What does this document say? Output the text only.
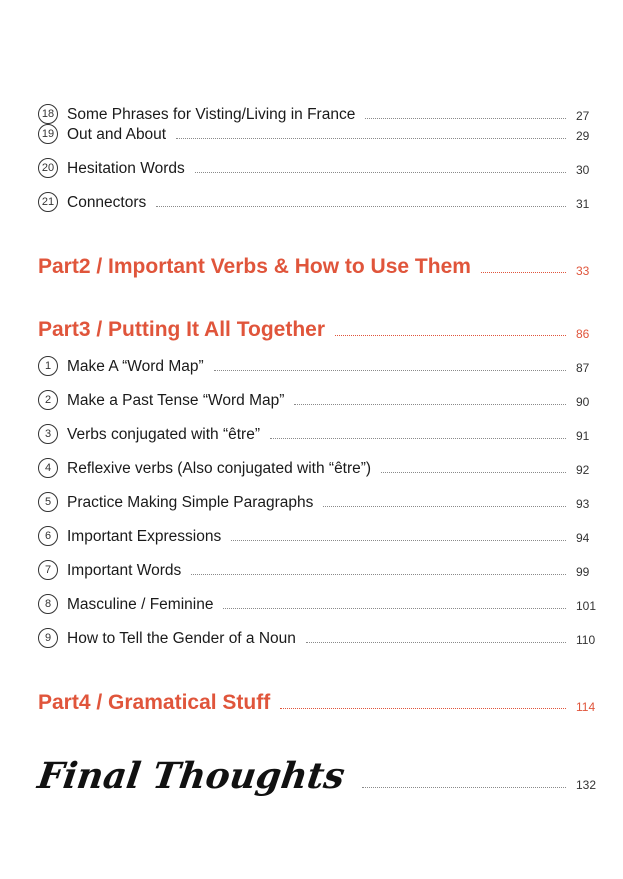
18 Some Phrases for Visting/Living in France	27
19 Out and About	29
20 Hesitation Words	30
21 Connectors	31
Part2 / Important Verbs & How to Use Them	33
Part3 / Putting It All Together	86
1	Make A “Word Map”	87
2	Make a Past Tense “Word Map”	90
3	Verbs conjugated with “être”	91
4	Reflexive verbs (Also conjugated with “être”)	92
5	Practice Making Simple Paragraphs	93
6	Important Expressions	94
7	Important Words	99
8	Masculine / Feminine	101
9	How to Tell the Gender of a Noun	110
Part4 / Gramatical Stuff	114
Final Thoughts	132
